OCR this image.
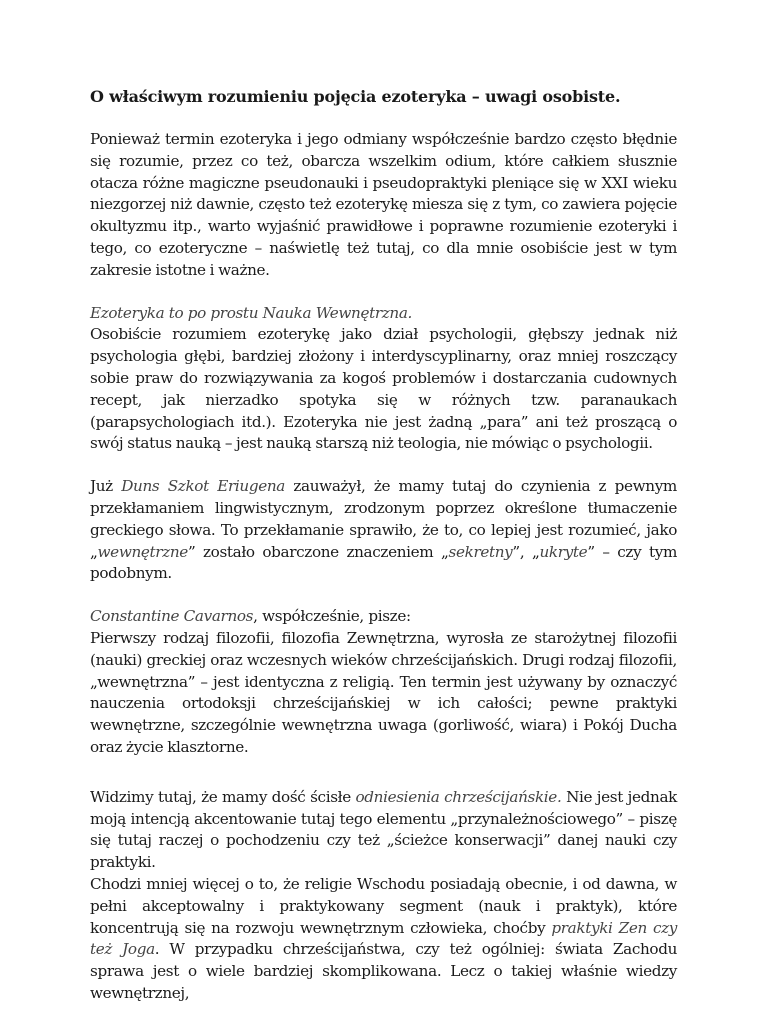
O właściwym rozumieniu pojęcia ezoteryka – uwagi osobiste.

Ponieważ termin ezoteryka i jego odmiany współcześnie bardzo często błędnie się rozumie, przez co też, obarcza wszelkim odium, które całkiem słusznie otacza różne magiczne pseudonauki i pseudopraktyki pleniące się w XXI wieku niezgorzej niż dawnie, często też ezoterykę miesza się z tym, co zawiera pojęcie okultyzmu itp., warto wyjaśnić prawidłowe i poprawne rozumienie ezoteryki i tego, co ezoteryczne – naświetlę też tutaj, co dla mnie osobiście jest w tym zakresie istotne i ważne.

Ezoteryka to po prostu Nauka Wewnętrzna.

Osobiście rozumiem ezoterykę jako dział psychologii, głębszy jednak niż psychologia głębi, bardziej złożony i interdyscyplinarny, oraz mniej roszczący sobie praw do rozwiązywania za kogoś problemów i dostarczania cudownych recept, jak nierzadko spotyka się w różnych tzw. paranaukach (parapsychologiach itd.). Ezoteryka nie jest żadną „para” ani też proszącą o swój status nauką – jest nauką starszą niż teologia, nie mówiąc o psychologii.

Już Duns Szkot Eriugena zauważył, że mamy tutaj do czynienia z pewnym przekłamaniem lingwistycznym, zrodzonym poprzez określone tłumaczenie greckiego słowa. To przekłamanie sprawiło, że to, co lepiej jest rozumieć, jako „wewnętrzne” zostało obarczone znaczeniem „sekretny”, „ukryte” – czy tym podobnym.

Constantine Cavarnos, współcześnie, pisze:

Pierwszy rodzaj filozofii, filozofia Zewnętrzna, wyrosła ze starożytnej filozofii (nauki) greckiej oraz wczesnych wieków chrześcijańskich. Drugi rodzaj filozofii, „wewnętrzna” – jest identyczna z religią. Ten termin jest używany by oznaczyć nauczenia ortodoksji chrześcijańskiej w ich całości; pewne praktyki wewnętrzne, szczególnie wewnętrzna uwaga (gorliwość, wiara) i Pokój Ducha oraz życie klasztorne.

Widzimy tutaj, że mamy dość ścisłe odniesienia chrześcijańskie. Nie jest jednak moją intencją akcentowanie tutaj tego elementu „przynależnościowego” – piszę się tutaj raczej o pochodzeniu czy też „ścieżce konserwacji” danej nauki czy praktyki.

Chodzi mniej więcej o to, że religie Wschodu posiadają obecnie, i od dawna, w pełni akceptowalny i praktykowany segment (nauk i praktyk), które koncentrują się na rozwoju wewnętrznym człowieka, choćby praktyki Zen czy też Joga. W przypadku chrześcijaństwa, czy też ogólniej: świata Zachodu sprawa jest o wiele bardziej skomplikowana. Lecz o takiej właśnie wiedzy wewnętrznej,
